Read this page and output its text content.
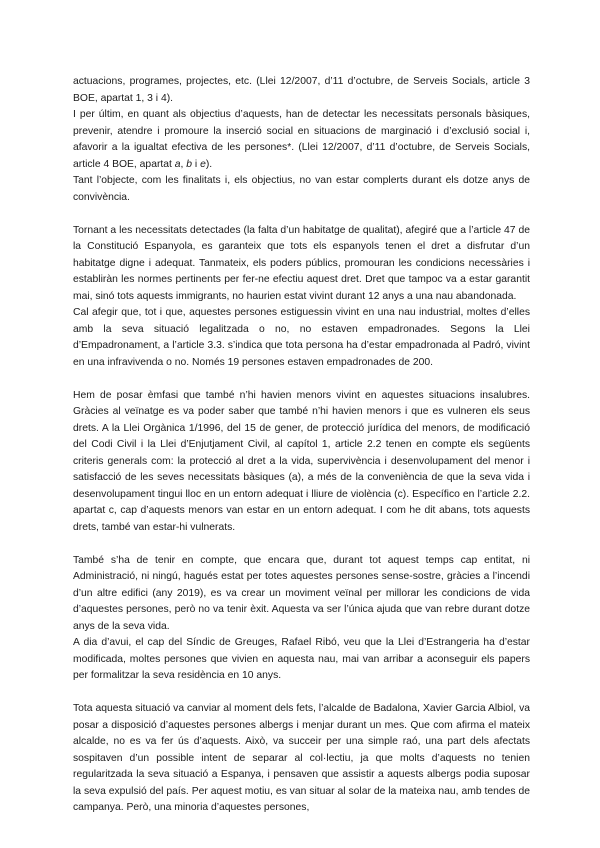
actuacions, programes, projectes, etc. (Llei 12/2007, d’11 d’octubre, de Serveis Socials, article 3 BOE, apartat 1, 3 i 4).

I per últim, en quant als objectius d’aquests, han de detectar les necessitats personals bàsiques, prevenir, atendre i promoure la inserció social en situacions de marginació i d’exclusió social i, afavorir a la igualtat efectiva de les persones*. (Llei 12/2007, d’11 d’octubre, de Serveis Socials, article 4 BOE, apartat a, b i e).

Tant l’objecte, com les finalitats i, els objectius, no van estar complerts durant els dotze anys de convivència.

Tornant a les necessitats detectades (la falta d’un habitatge de qualitat), afegiré que a l’article 47 de la Constitució Espanyola, es garanteix que tots els espanyols tenen el dret a disfrutar d’un habitatge digne i adequat. Tanmateix, els poders públics, promouran les condicions necessàries i establiràn les normes pertinents per fer-ne efectiu aquest dret. Dret que tampoc va a estar garantit mai, sinó tots aquests immigrants, no haurien estat vivint durant 12 anys a una nau abandonada.

Cal afegir que, tot i que, aquestes persones estiguessin vivint en una nau industrial, moltes d’elles amb la seva situació legalitzada o no, no estaven empadronades. Segons la Llei d’Empadronament, a l’article 3.3. s’indica que tota persona ha d’estar empadronada al Padró, vivint en una infravivenda o no. Només 19 persones estaven empadronades de 200.

Hem de posar èmfasi que també n’hi havien menors vivint en aquestes situacions insalubres. Gràcies al veïnatge es va poder saber que també n’hi havien menors i que es vulneren els seus drets. A la Llei Orgànica 1/1996, del 15 de gener, de protecció jurídica del menors, de modificació del Codi Civil i la Llei d’Enjutjament Civil, al capítol 1, article 2.2 tenen en compte els següents criteris generals com: la protecció al dret a la vida, supervivència i desenvolupament del menor i satisfacció de les seves necessitats bàsiques (a), a més de la conveniència de que la seva vida i desenvolupament tingui lloc en un entorn adequat i lliure de violència (c). Específico en l’article 2.2. apartat c, cap d’aquests menors van estar en un entorn adequat. I com he dit abans, tots aquests drets, també van estar-hi vulnerats.

També s’ha de tenir en compte, que encara que, durant tot aquest temps cap entitat, ni Administració, ni ningú, hagués estat per totes aquestes persones sense-sostre, gràcies a l’incendi d’un altre edifici (any 2019), es va crear un moviment veïnal per millorar les condicions de vida d’aquestes persones, però no va tenir èxit. Aquesta va ser l’única ajuda que van rebre durant dotze anys de la seva vida.

A dia d’avui, el cap del Síndic de Greuges, Rafael Ribó, veu que la Llei d’Estrangeria ha d’estar modificada, moltes persones que vivien en aquesta nau, mai van arribar a aconseguir els papers per formalitzar la seva residència en 10 anys.

Tota aquesta situació va canviar al moment dels fets, l’alcalde de Badalona, Xavier Garcia Albiol, va posar a disposició d’aquestes persones albergs i menjar durant un mes. Que com afirma el mateix alcalde, no es va fer ús d’aquests. Això, va succeir per una simple raó, una part dels afectats sospitaven d’un possible intent de separar al col·lectiu, ja que molts d’aquests no tenien regularitzada la seva situació a Espanya, i pensaven que assistir a aquests albergs podia suposar la seva expulsió del país. Per aquest motiu, es van situar al solar de la mateixa nau, amb tendes de campanya. Però, una minoria d’aquestes persones,
